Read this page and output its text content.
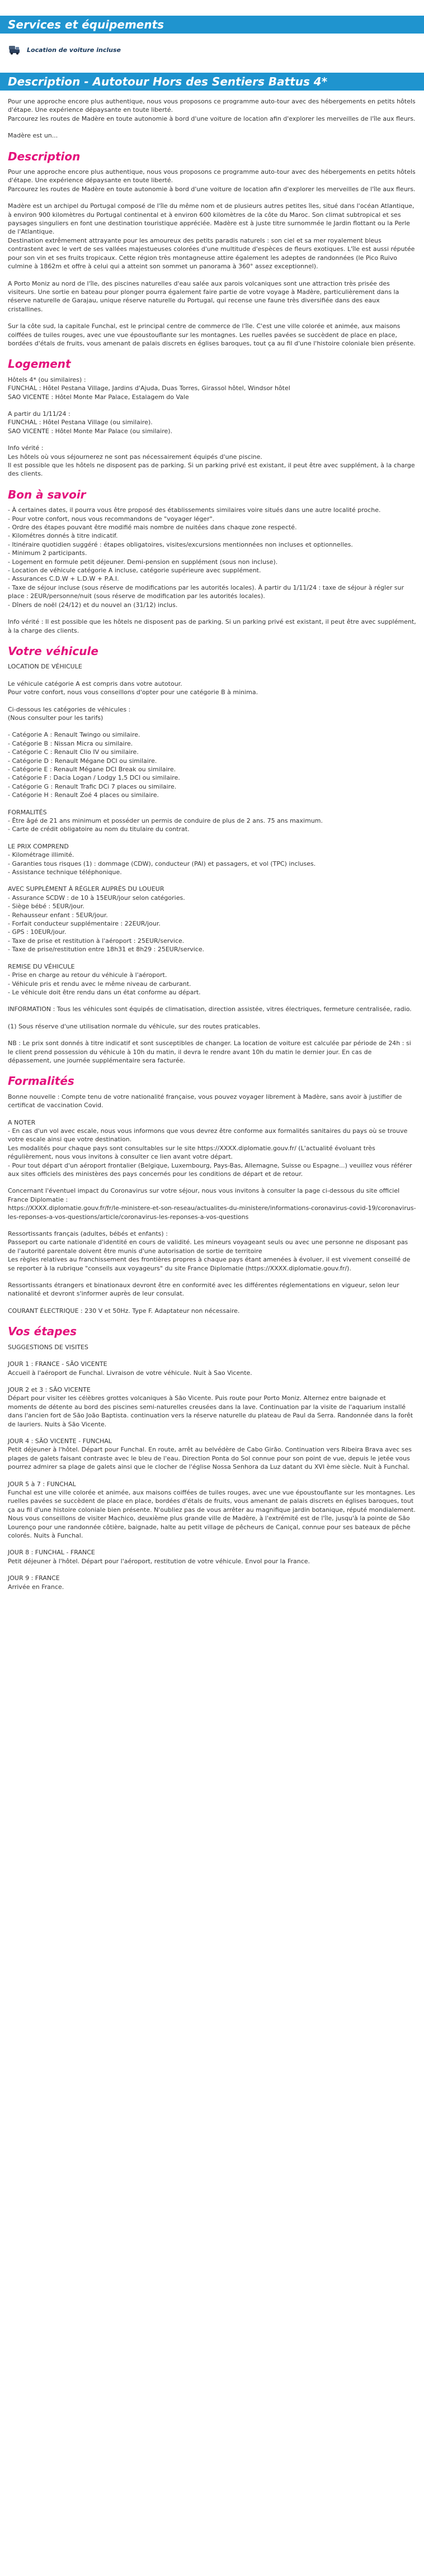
Services et équipements
Location de voiture incluse
Description - Autotour Hors des Sentiers Battus 4*

Pour une approche encore plus authentique, nous vous proposons ce programme auto-tour avec des hébergements en petits hôtels d'étape. Une expérience dépaysante en toute liberté.

Parcourez les routes de Madère en toute autonomie à bord d'une voiture de location afin d'explorer les merveilles de l'île aux fleurs.

Madère est un...

Description

Pour une approche encore plus authentique, nous vous proposons ce programme auto-tour avec des hébergements en petits hôtels d'étape. Une expérience dépaysante en toute liberté.

Parcourez les routes de Madère en toute autonomie à bord d'une voiture de location afin d'explorer les merveilles de l'île aux fleurs.

Madère est un archipel du Portugal composé de l'île du même nom et de plusieurs autres petites îles, situé dans l'océan Atlantique, à environ 900 kilomètres du Portugal continental et à environ 600 kilomètres de la côte du Maroc. Son climat subtropical et ses paysages singuliers en font une destination touristique appréciée. Madère est à juste titre surnommée le Jardin flottant ou la Perle de l'Atlantique.

Destination extrêmement attrayante pour les amoureux des petits paradis naturels : son ciel et sa mer royalement bleus contrastent avec le vert de ses vallées majestueuses colorées d'une multitude d'espèces de fleurs exotiques. L'île est aussi réputée pour son vin et ses fruits tropicaux. Cette région très montagneuse attire également les adeptes de randonnées (le Pico Ruivo culmine à 1862m et offre à celui qui a atteint son sommet un panorama à 360° assez exceptionnel).

A Porto Moniz au nord de l'île, des piscines naturelles d'eau salée aux parois volcaniques sont une attraction très prisée des visiteurs. Une sortie en bateau pour plonger pourra également faire partie de votre voyage à Madère, particulièrement dans la réserve naturelle de Garajau, unique réserve naturelle du Portugal, qui recense une faune très diversifiée dans des eaux cristallines.

Sur la côte sud, la capitale Funchal, est le principal centre de commerce de l'île. C'est une ville colorée et animée, aux maisons coiffées de tuiles rouges, avec une vue époustouflante sur les montagnes. Les ruelles pavées se succèdent de place en place, bordées d'étals de fruits, vous amenant de palais discrets en églises baroques, tout ça au fil d'une l'histoire coloniale bien présente.

Logement

Hôtels 4* (ou similaires) :

FUNCHAL : Hôtel Pestana Village, Jardins d'Ajuda, Duas Torres, Girassol hôtel, Windsor hôtel

SAO VICENTE : Hôtel Monte Mar Palace, Estalagem do Vale

A partir du 1/11/24 :

FUNCHAL : Hôtel Pestana Village (ou similaire).

SAO VICENTE : Hôtel Monte Mar Palace (ou similaire).

Info vérité :

Les hôtels où vous séjournerez ne sont pas nécessairement équipés d'une piscine.

Il est possible que les hôtels ne disposent pas de parking. Si un parking privé est existant, il peut être avec supplément, à la charge des clients.

Bon à savoir

- À certaines dates, il pourra vous être proposé des établissements similaires voire situés dans une autre localité proche.

- Pour votre confort, nous vous recommandons de "voyager léger".

- Ordre des étapes pouvant être modifié mais nombre de nuitées dans chaque zone respecté.

- Kilométres donnés à titre indicatif.

- Itinéraire quotidien suggéré : étapes obligatoires, visites/excursions mentionnées non incluses et optionnelles.

- Minimum 2 participants.

- Logement en formule petit déjeuner. Demi-pension en supplément (sous non incluse).

- Location de véhicule catégorie A incluse, catégorie supérieure avec supplément.

- Assurances C.D.W + L.D.W + P.A.I.

- Taxe de séjour incluse (sous réserve de modifications par les autorités locales). À partir du 1/11/24 : taxe de séjour à régler sur place : 2EUR/personne/nuit (sous réserve de modification par les autorités locales).

- Dîners de noël (24/12) et du nouvel an (31/12) inclus.

Info vérité : Il est possible que les hôtels ne disposent pas de parking. Si un parking privé est existant, il peut être avec supplément, à la charge des clients.

Votre véhicule

LOCATION DE VÉHICULE

Le véhicule catégorie A est compris dans votre autotour.

Pour votre confort, nous vous conseillons d'opter pour une catégorie B à minima.

Ci-dessous les catégories de véhicules :

(Nous consulter pour les tarifs)

- Catégorie A : Renault Twingo ou similaire.

- Catégorie B : Nissan Micra ou similaire.

- Catégorie C : Renault Clio IV ou similaire.

- Catégorie D : Renault Mégane DCI ou similaire.

- Catégorie E : Renault Mégane DCI Break ou similaire.

- Catégorie F : Dacia Logan / Lodgy 1,5 DCI ou similaire.

- Catégorie G : Renault Trafic DCi 7 places ou similaire.

- Catégorie H : Renault Zoé 4 places ou similaire.

FORMALITÉS

- Être âgé de 21 ans minimum et posséder un permis de conduire de plus de 2 ans. 75 ans maximum.

- Carte de crédit obligatoire au nom du titulaire du contrat.

LE PRIX COMPREND

- Kilométrage illimité.

- Garanties tous risques (1) : dommage (CDW), conducteur (PAI) et passagers, et vol (TPC) incluses.

- Assistance technique téléphonique.

AVEC SUPPLÉMENT À RÉGLER AUPRÈS DU LOUEUR

- Assurance SCDW : de 10 à 15EUR/jour selon catégories.

- Siège bébé : 5EUR/jour.

- Rehausseur enfant : 5EUR/jour.

- Forfait conducteur supplémentaire : 22EUR/jour.

- GPS : 10EUR/jour.

- Taxe de prise et restitution à l'aéroport : 25EUR/service.

- Taxe de prise/restitution entre 18h31 et 8h29 : 25EUR/service.

REMISE DU VÉHICULE

- Prise en charge au retour du véhicule à l'aéroport.

- Véhicule pris et rendu avec le même niveau de carburant.

- Le véhicule doit être rendu dans un état conforme au départ.

INFORMATION : Tous les véhicules sont équipés de climatisation, direction assistée, vitres électriques, fermeture centralisée, radio.

(1) Sous réserve d'une utilisation normale du véhicule, sur des routes praticables.

NB : Le prix sont donnés à titre indicatif et sont susceptibles de changer. La location de voiture est calculée par période de 24h : si le client prend possession du véhicule à 10h du matin, il devra le rendre avant 10h du matin le dernier jour. En cas de dépassement, une journée supplémentaire sera facturée.

Formalités

Bonne nouvelle : Compte tenu de votre nationalité française, vous pouvez voyager librement à Madère, sans avoir à justifier de certificat de vaccination Covid.

A NOTER

- En cas d'un vol avec escale, nous vous informons que vous devrez être conforme aux formalités sanitaires du pays où se trouve votre escale ainsi que votre destination.

Les modalités pour chaque pays sont consultables sur le site https://XXXX.diplomatie.gouv.fr/ (L'actualité évoluant très régulièrement, nous vous invitons à consulter ce lien avant votre départ.

- Pour tout départ d'un aéroport frontalier (Belgique, Luxembourg, Pays-Bas, Allemagne, Suisse ou Espagne...) veuillez vous référer aux sites officiels des ministères des pays concernés pour les conditions de départ et de retour.

Concernant l'éventuel impact du Coronavirus sur votre séjour, nous vous invitons à consulter la page ci-dessous du site officiel France Diplomatie :

https://XXXX.diplomatie.gouv.fr/fr/le-ministere-et-son-reseau/actualites-du-ministere/informations-coronavirus-covid-19/coronavirus-les-reponses-a-vos-questions/article/coronavirus-les-reponses-a-vos-questions

Ressortissants français (adultes, bébés et enfants) :

Passeport ou carte nationale d'identité en cours de validité. Les mineurs voyageant seuls ou avec une personne ne disposant pas de l'autorité parentale doivent être munis d'une autorisation de sortie de territoire

Les règles relatives au franchissement des frontières propres à chaque pays étant amenées à évoluer, il est vivement conseillé de se reporter à la rubrique "conseils aux voyageurs" du site France Diplomatie (https://XXXX.diplomatie.gouv.fr/).

Ressortissants étrangers et binationaux devront être en conformité avec les différentes réglementations en vigueur, selon leur nationalité et devront s'informer auprès de leur consulat.

COURANT ÉLECTRIQUE : 230 V et 50Hz. Type F. Adaptateur non nécessaire.

Vos étapes

SUGGESTIONS DE VISITES

JOUR 1 : FRANCE - SÃO VICENTE

Accueil à l'aéroport de Funchal. Livraison de votre véhicule. Nuit à Sao Vicente.

JOUR 2 et 3 : SÃO VICENTE

Départ pour visiter les célèbres grottes volcaniques à São Vicente. Puis route pour Porto Moniz. Alternez entre baignade et moments de détente au bord des piscines semi-naturelles creusées dans la lave. Continuation par la visite de l'aquarium installé dans l'ancien fort de São João Baptista. continuation vers la réserve naturelle du plateau de Paul da Serra. Randonnée dans la forêt de lauriers. Nuits à São Vicente.

JOUR 4 : SÃO VICENTE - FUNCHAL

Petit déjeuner à l'hôtel. Départ pour Funchal. En route, arrêt au belvédère de Cabo Girão. Continuation vers Ribeira Brava avec ses plages de galets faisant contraste avec le bleu de l'eau. Direction Ponta do Sol connue pour son point de vue, depuis le jetée vous pourrez admirer sa plage de galets ainsi que le clocher de l'église Nossa Senhora da Luz datant du XVI ème siècle. Nuit à Funchal.

JOUR 5 à 7 : FUNCHAL

Funchal est une ville colorée et animée, aux maisons coiffées de tuiles rouges, avec une vue époustouflante sur les montagnes. Les ruelles pavées se succèdent de place en place, bordées d'étals de fruits, vous amenant de palais discrets en églises baroques, tout ça au fil d'une histoire coloniale bien présente. N'oubliez pas de vous arrêter au magnifique jardin botanique, réputé mondialement. Nous vous conseillons de visiter Machico, deuxième plus grande ville de Madère, à l'extrémité est de l'île, jusqu'à la pointe de São Lourenço pour une randonnée côtière, baignade, halte au petit village de pêcheurs de Caniçal, connue pour ses bateaux de pêche colorés. Nuits à Funchal.

JOUR 8 : FUNCHAL - FRANCE

Petit déjeuner à l'hôtel. Départ pour l'aéroport, restitution de votre véhicule. Envol pour la France.

JOUR 9 : FRANCE

Arrivée en France.
